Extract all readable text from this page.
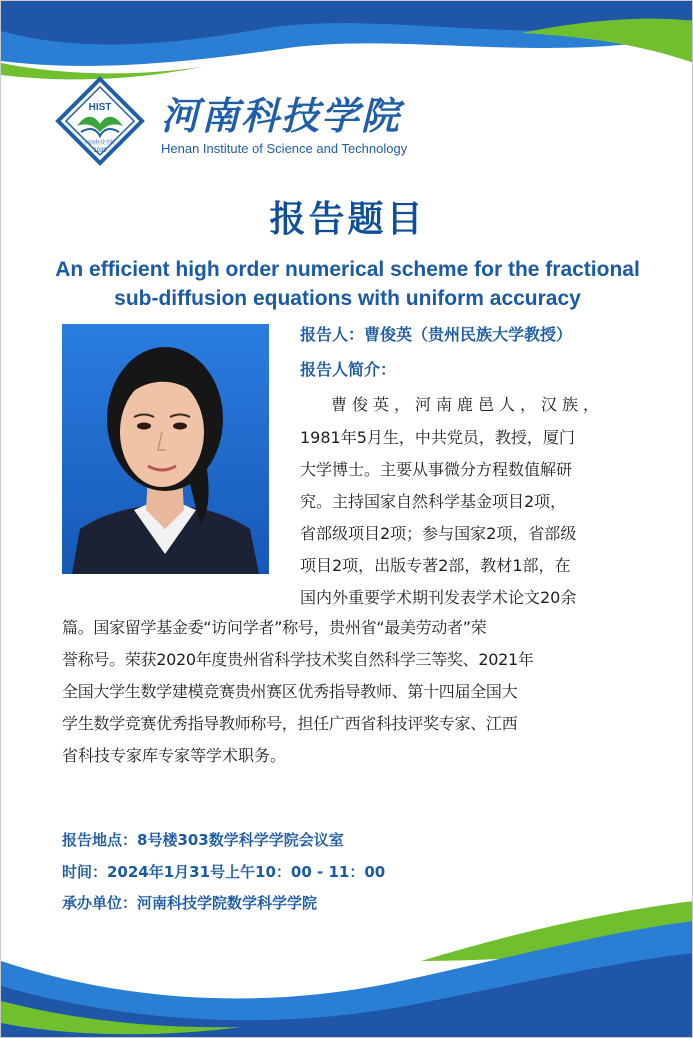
HIST
河南科技学院
1939
河南科技学院
Henan Institute of Science and Technology
报告题目
An efficient high order numerical scheme for the fractional
sub-diffusion equations with uniform accuracy
报告人：曹俊英（贵州民族大学教授）
报告人简介：
曹俊英，河南鹿邑人，汉族，
1981年5月生，中共党员，教授，厦门
大学博士。主要从事微分方程数值解研
究。主持国家自然科学基金项目2项，
省部级项目2项；参与国家2项，省部级
项目2项，出版专著2部，教材1部，在
国内外重要学术期刊发表学术论文20余
篇。国家留学基金委“访问学者”称号，贵州省“最美劳动者”荣
誉称号。荣获2020年度贵州省科学技术奖自然科学三等奖、2021年
全国大学生数学建模竞赛贵州赛区优秀指导教师、第十四届全国大
学生数学竞赛优秀指导教师称号，担任广西省科技评奖专家、江西
省科技专家库专家等学术职务。
报告地点：8号楼303数学科学学院会议室
时间：2024年1月31号上午10：00 - 11：00
承办单位：河南科技学院数学科学学院
